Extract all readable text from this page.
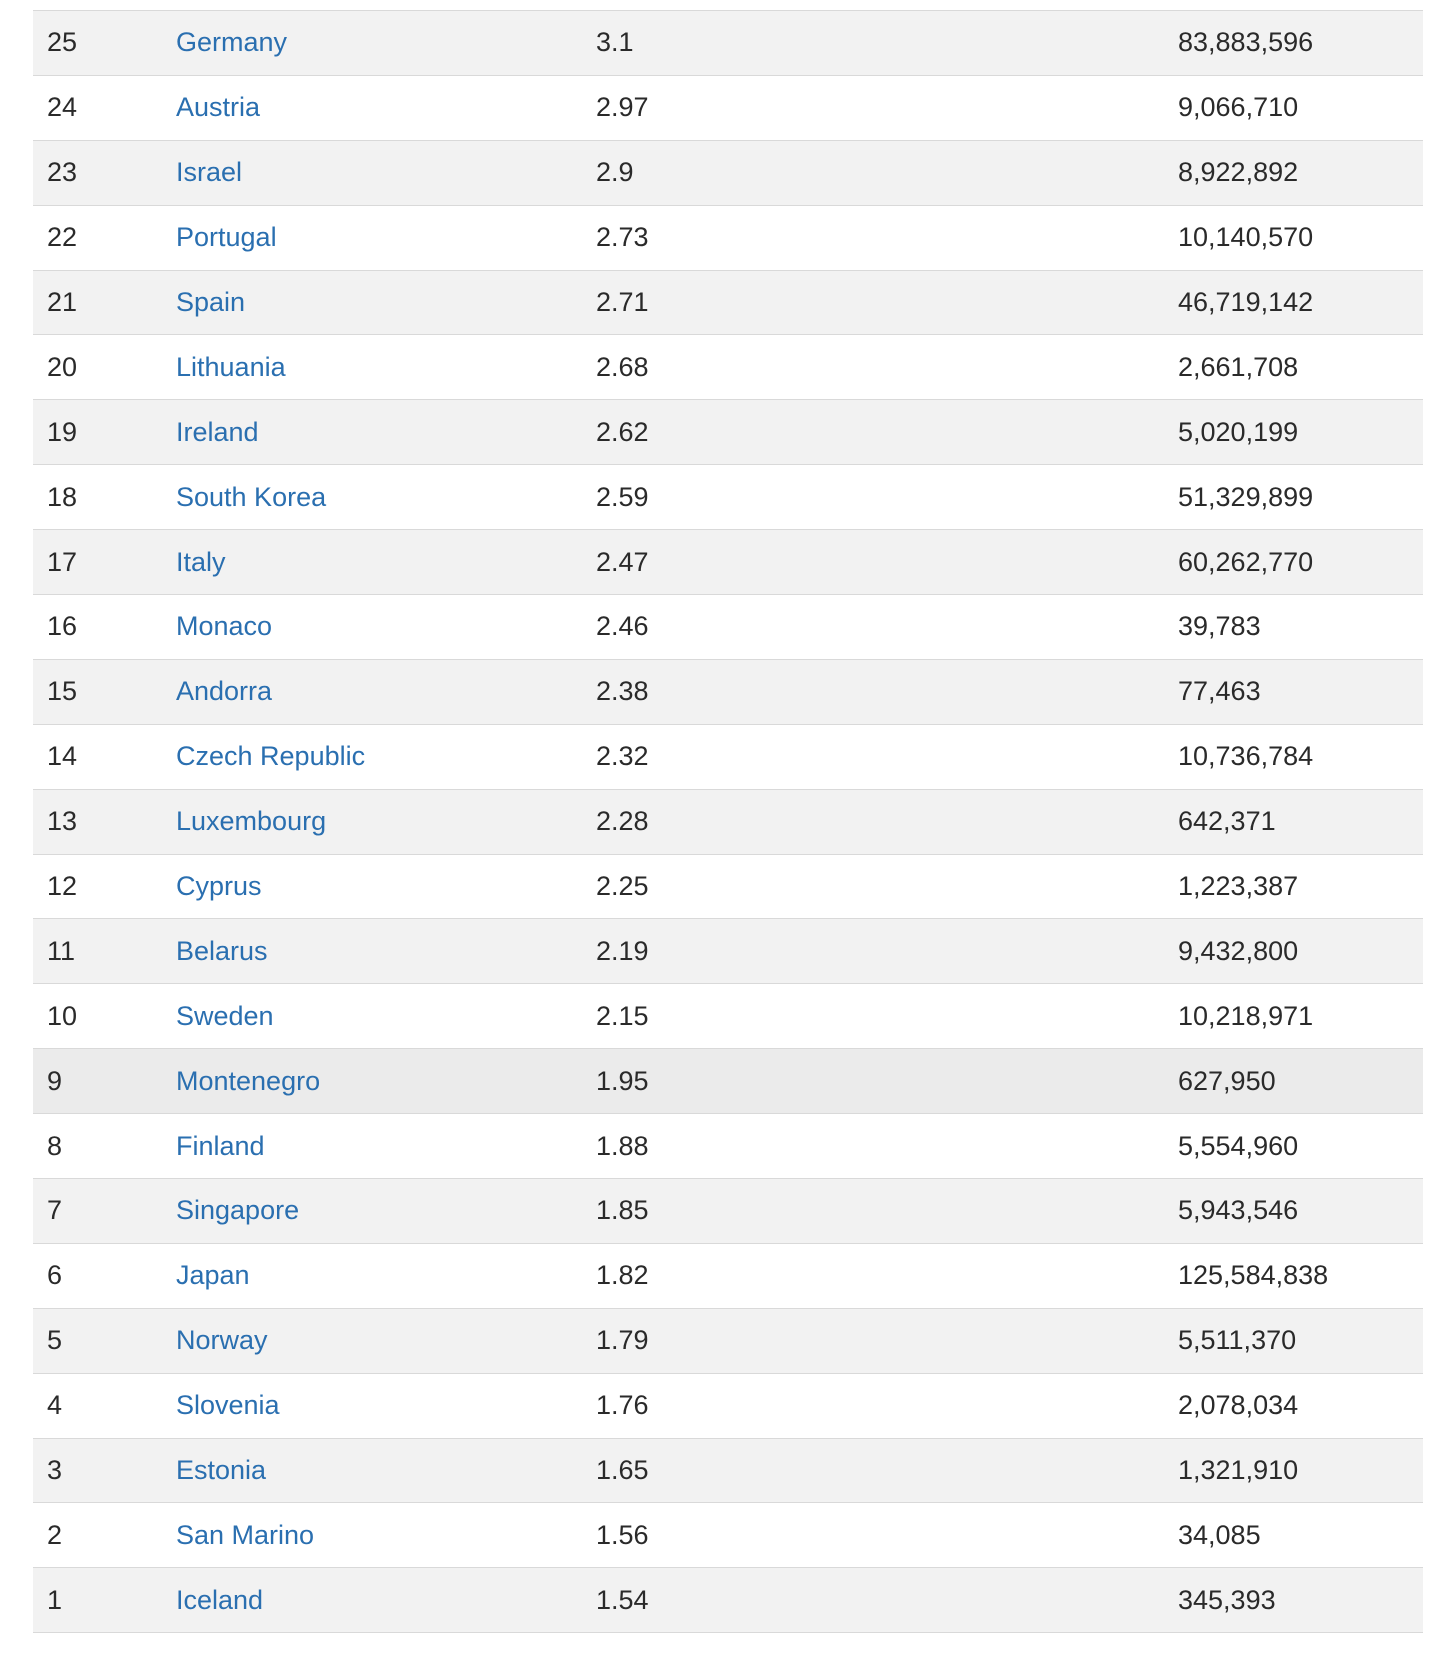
25	Germany	3.1	83,883,596
24	Austria	2.97	9,066,710
23	Israel	2.9	8,922,892
22	Portugal	2.73	10,140,570
21	Spain	2.71	46,719,142
20	Lithuania	2.68	2,661,708
19	Ireland	2.62	5,020,199
18	South Korea	2.59	51,329,899
17	Italy	2.47	60,262,770
16	Monaco	2.46	39,783
15	Andorra	2.38	77,463
14	Czech Republic	2.32	10,736,784
13	Luxembourg	2.28	642,371
12	Cyprus	2.25	1,223,387
11	Belarus	2.19	9,432,800
10	Sweden	2.15	10,218,971
9	Montenegro	1.95	627,950
8	Finland	1.88	5,554,960
7	Singapore	1.85	5,943,546
6	Japan	1.82	125,584,838
5	Norway	1.79	5,511,370
4	Slovenia	1.76	2,078,034
3	Estonia	1.65	1,321,910
2	San Marino	1.56	34,085
1	Iceland	1.54	345,393
